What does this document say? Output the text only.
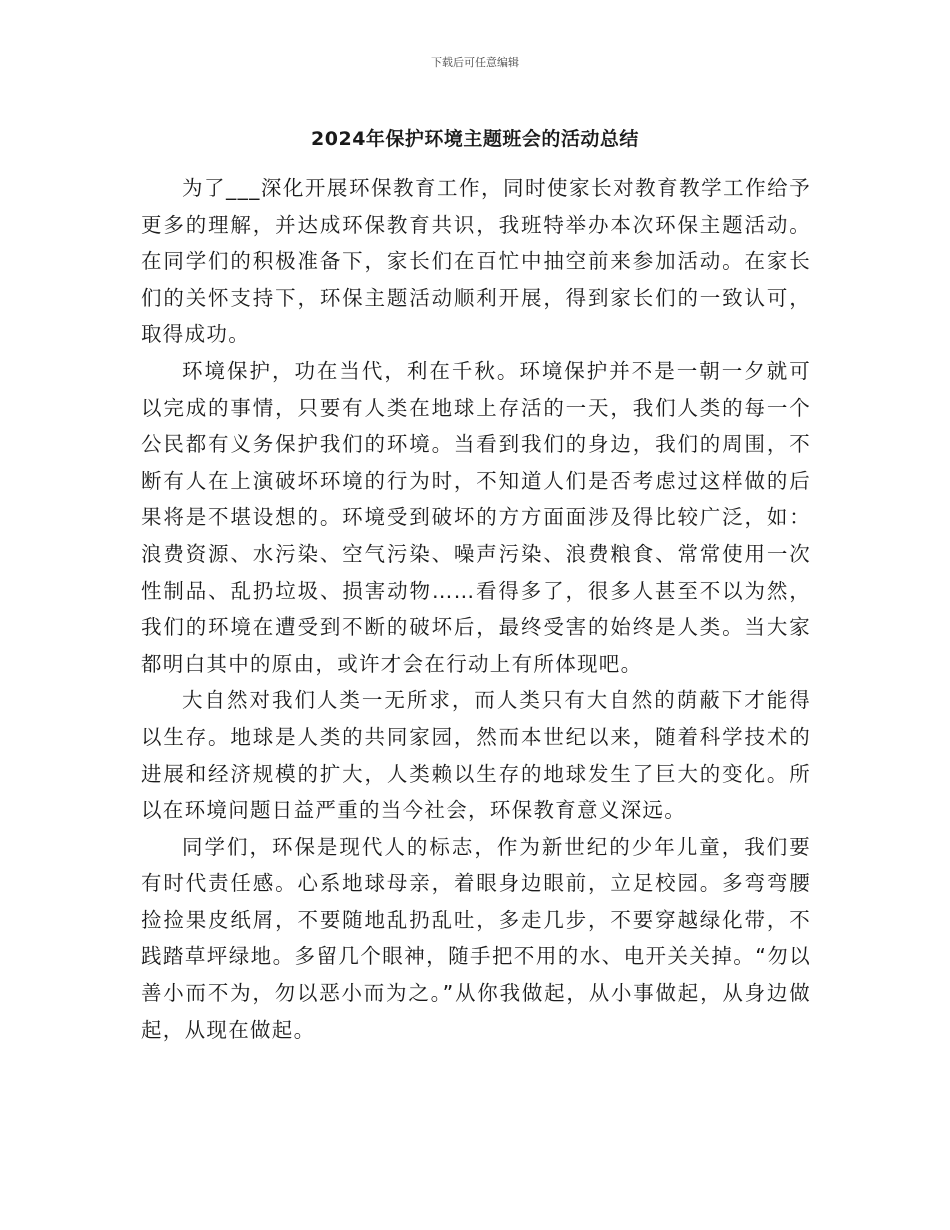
下载后可任意编辑
2024年保护环境主题班会的活动总结

为了___深化开展环保教育工作，同时使家长对教育教学工作给予更多的理解，并达成环保教育共识，我班特举办本次环保主题活动。在同学们的积极准备下，家长们在百忙中抽空前来参加活动。在家长们的关怀支持下，环保主题活动顺利开展，得到家长们的一致认可，取得成功。

环境保护，功在当代，利在千秋。环境保护并不是一朝一夕就可以完成的事情，只要有人类在地球上存活的一天，我们人类的每一个公民都有义务保护我们的环境。当看到我们的身边，我们的周围，不断有人在上演破坏环境的行为时，不知道人们是否考虑过这样做的后果将是不堪设想的。环境受到破坏的方方面面涉及得比较广泛，如：浪费资源、水污染、空气污染、噪声污染、浪费粮食、常常使用一次性制品、乱扔垃圾、损害动物……看得多了，很多人甚至不以为然，我们的环境在遭受到不断的破坏后，最终受害的始终是人类。当大家都明白其中的原由，或许才会在行动上有所体现吧。

大自然对我们人类一无所求，而人类只有大自然的荫蔽下才能得以生存。地球是人类的共同家园，然而本世纪以来，随着科学技术的进展和经济规模的扩大，人类赖以生存的地球发生了巨大的变化。所以在环境问题日益严重的当今社会，环保教育意义深远。

同学们，环保是现代人的标志，作为新世纪的少年儿童，我们要有时代责任感。心系地球母亲，着眼身边眼前，立足校园。多弯弯腰捡捡果皮纸屑，不要随地乱扔乱吐，多走几步，不要穿越绿化带，不践踏草坪绿地。多留几个眼神，随手把不用的水、电开关关掉。“勿以善小而不为，勿以恶小而为之。”从你我做起，从小事做起，从身边做起，从现在做起。
